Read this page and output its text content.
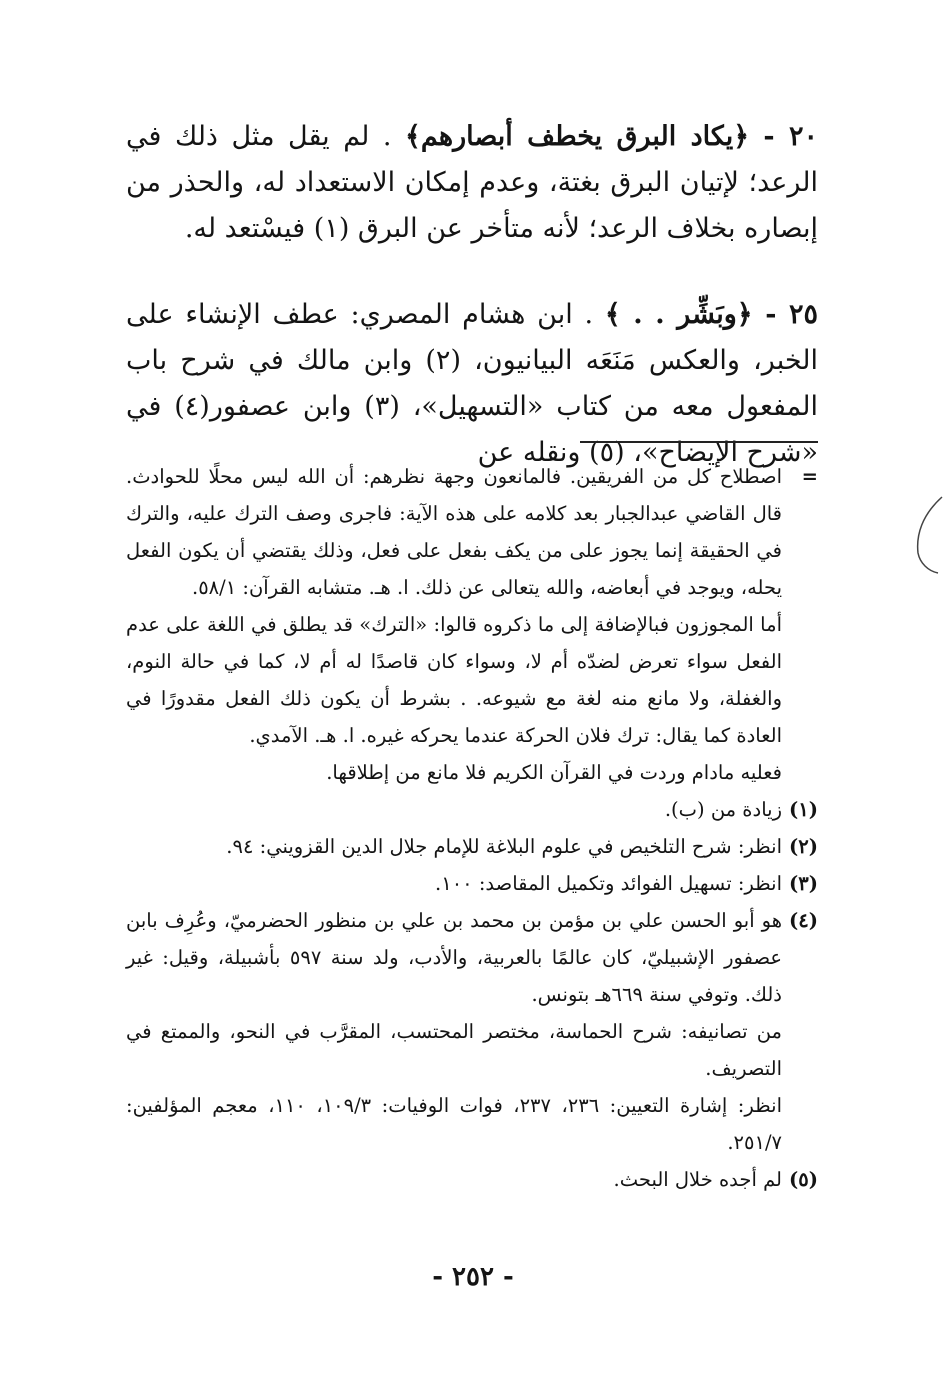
٢٠ - ﴿يكاد البرق يخطف أبصارهم﴾ . لم يقل مثل ذلك في الرعد؛ لإتيان البرق بغتة، وعدم إمكان الاستعداد له، والحذر من إبصاره بخلاف الرعد؛ لأنه متأخر عن البرق (١) فيسْتعد له.
٢٥ - ﴿وبَشِّر . . ﴾ . ابن هشام المصري: عطف الإنشاء على الخبر، والعكس مَنَعَه البيانيون، (٢) وابن مالك في شرح باب المفعول معه من كتاب «التسهيل»، (٣) وابن عصفور(٤) في «شرح الإيضاح»، (٥) ونقله عن
=
اصطلاح كل من الفريقين. فالمانعون وجهة نظرهم: أن الله ليس محلًا للحوادث. قال القاضي عبدالجبار بعد كلامه على هذه الآية: فاجرى وصف الترك عليه، والترك في الحقيقة إنما يجوز على من يكف بفعل على فعل، وذلك يقتضي أن يكون الفعل يحله، ويوجد في أبعاضه، والله يتعالى عن ذلك. ا. هـ. متشابه القرآن: ٥٨/١.
أما المجوزون فبالإضافة إلى ما ذكروه قالوا: «الترك» قد يطلق في اللغة على عدم الفعل سواء تعرض لضدّه أم لا، وسواء كان قاصدًا له أم لا، كما في حالة النوم، والغفلة، ولا مانع منه لغة مع شيوعه. . بشرط أن يكون ذلك الفعل مقدورًا في العادة كما يقال: ترك فلان الحركة عندما يحركه غيره. ا. هـ. الآمدي.
فعليه مادام وردت في القرآن الكريم فلا مانع من إطلاقها.
(١)
زيادة من (ب).
(٢)
انظر: شرح التلخيص في علوم البلاغة للإمام جلال الدين القزويني: ٩٤.
(٣)
انظر: تسهيل الفوائد وتكميل المقاصد: ١٠٠.
(٤)
هو أبو الحسن علي بن مؤمن بن محمد بن علي بن منظور الحضرميّ، وعُرِف بابن عصفور الإشبيليّ، كان عالمًا بالعربية، والأدب، ولد سنة ٥٩٧ بأشبيلة، وقيل: غير ذلك. وتوفي سنة ٦٦٩هـ بتونس.
من تصانيفه: شرح الحماسة، مختصر المحتسب، المقرَّب في النحو، والممتع في التصريف.
انظر: إشارة التعيين: ٢٣٦، ٢٣٧، فوات الوفيات: ١٠٩/٣، ١١٠، معجم المؤلفين: ٢٥١/٧.
(٥)
لم أجده خلال البحث.
- ٢٥٢ -
